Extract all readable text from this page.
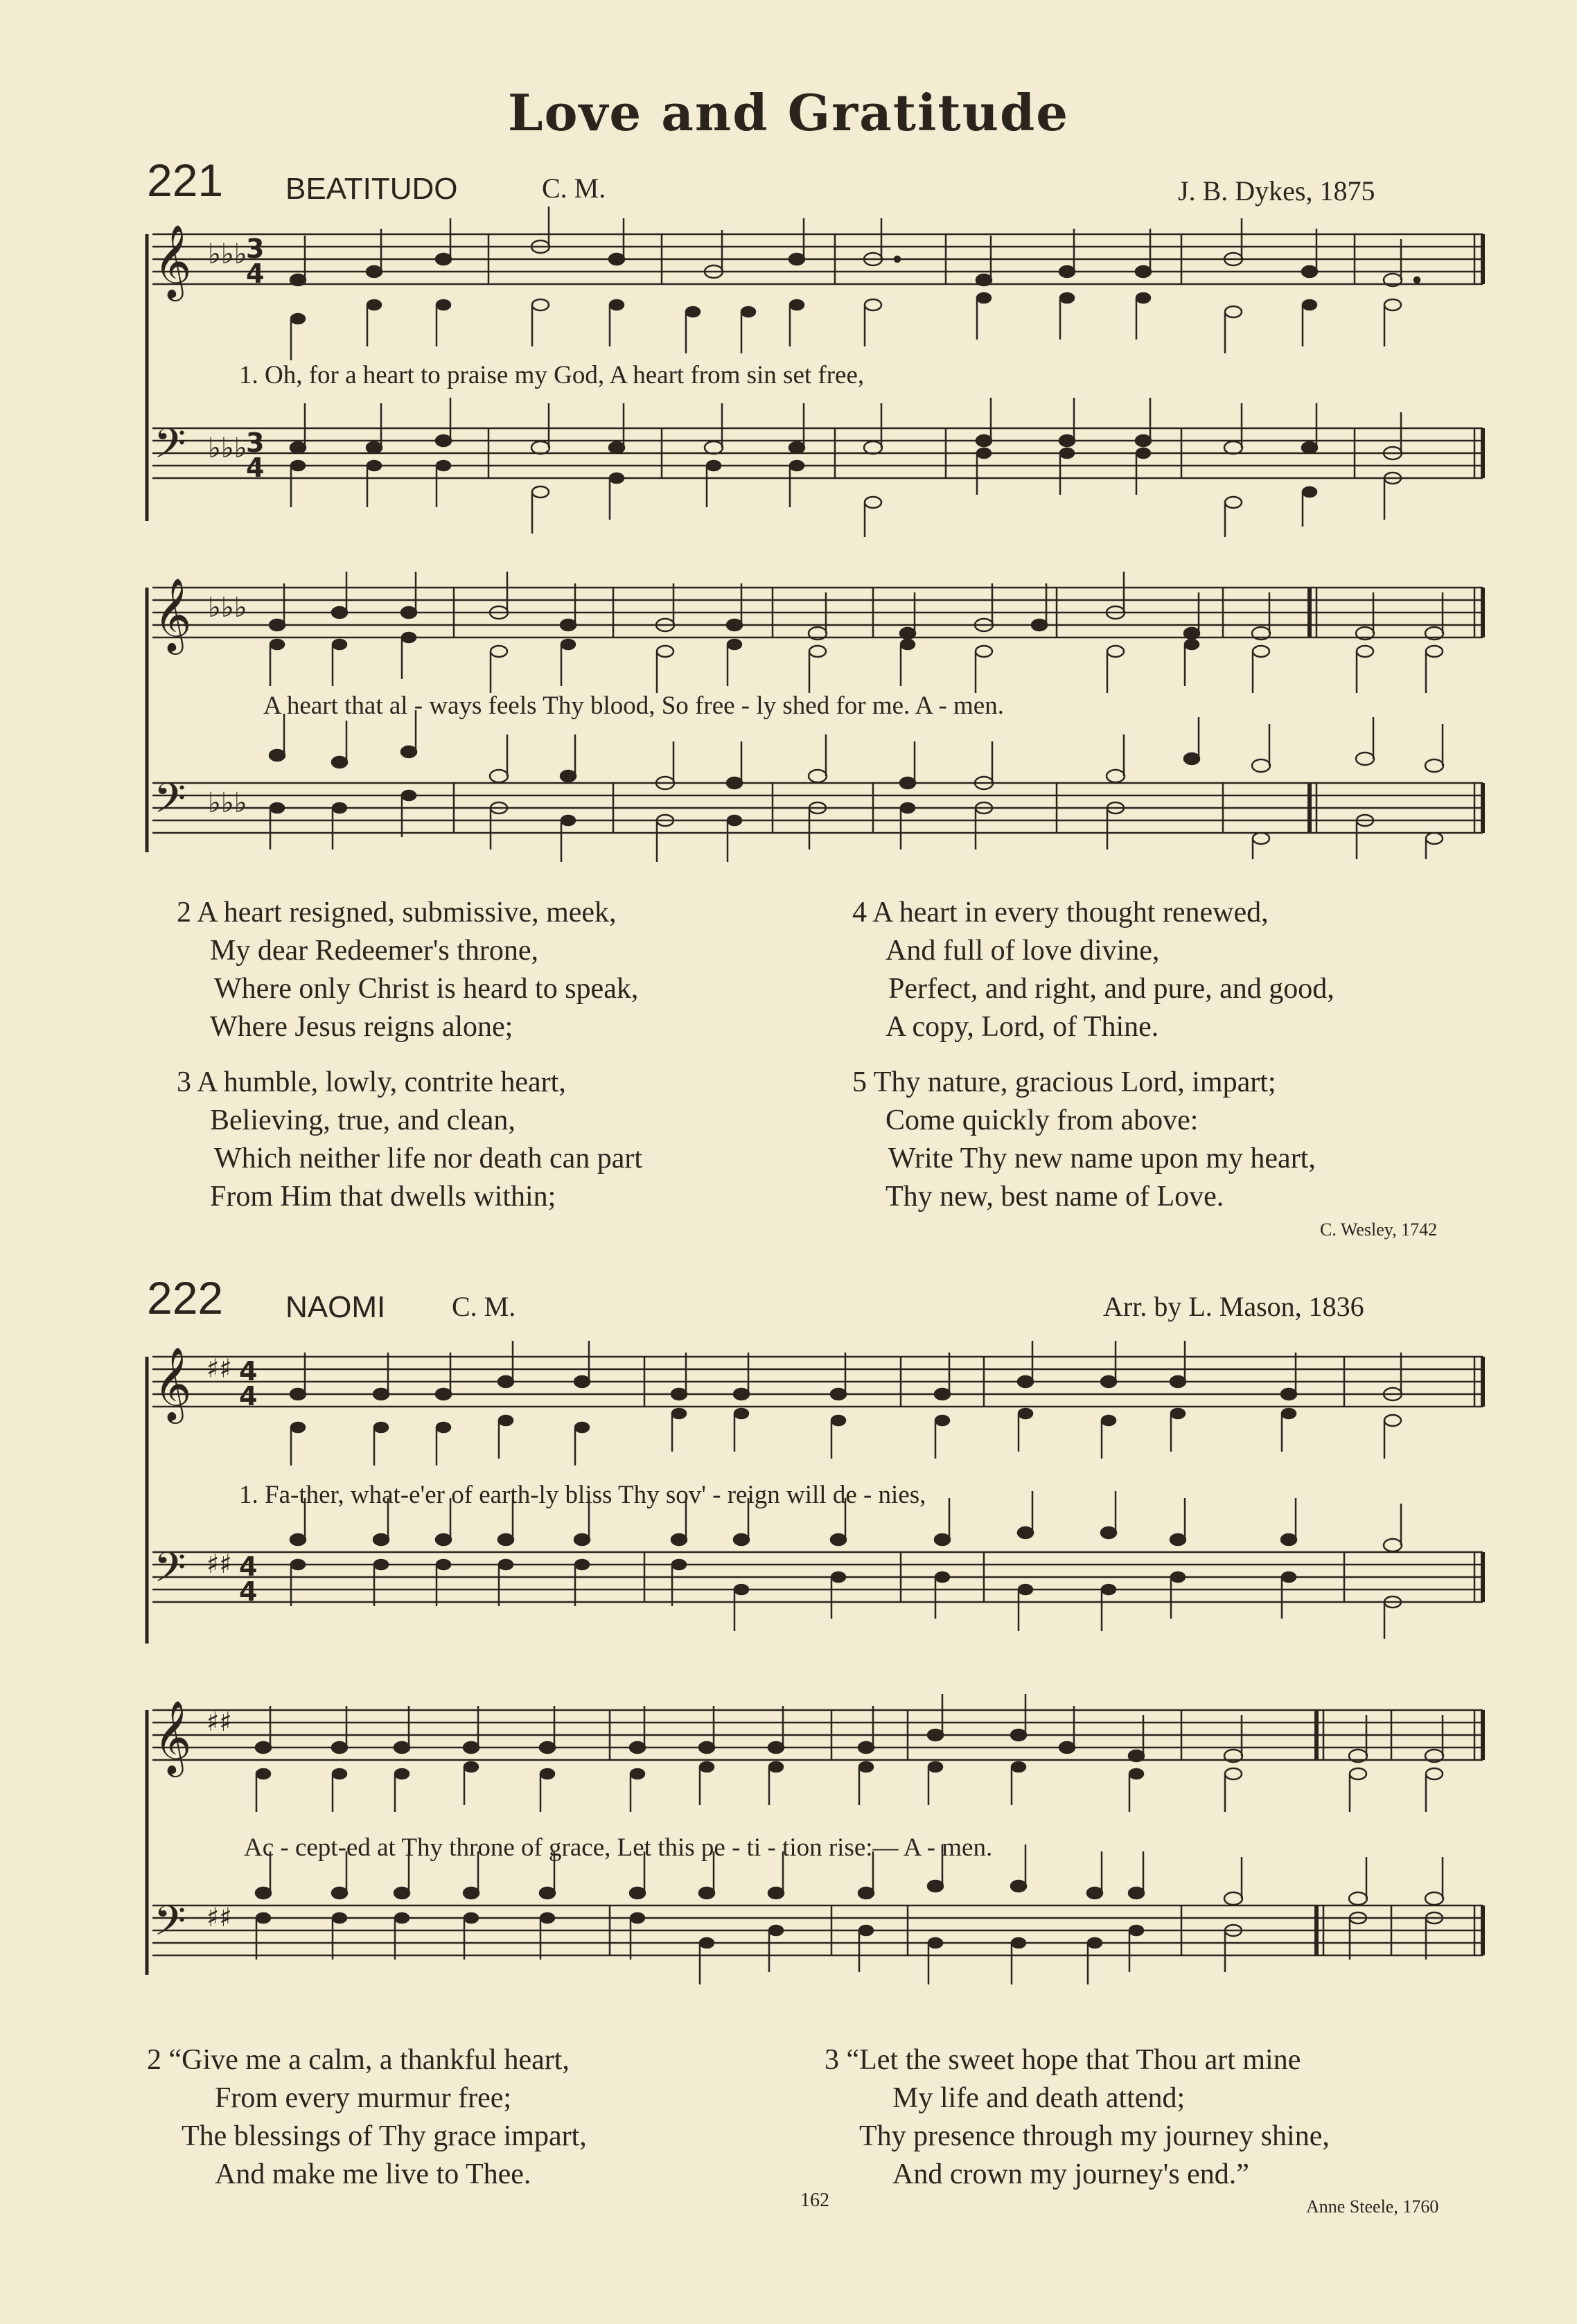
Love and Gratitude
221 BEATITUDO	C. M.	J. B. Dykes, 1875
𝄞
𝄢
♭♭♭
3
4
♭♭♭
3
4
1. Oh, for a heart to praise my God, A heart from sin set free,
𝄞
𝄢
♭♭♭
♭♭♭
A heart that al - ways feels Thy blood, So free - ly shed for me. A - men.
2 A heart resigned, submissive, meek,
My dear Redeemer's throne,
Where only Christ is heard to speak,
Where Jesus reigns alone;
3 A humble, lowly, contrite heart,
Believing, true, and clean,
Which neither life nor death can part
From Him that dwells within;
4 A heart in every thought renewed,
And full of love divine,
Perfect, and right, and pure, and good,
A copy, Lord, of Thine.
5 Thy nature, gracious Lord, impart;
Come quickly from above:
Write Thy new name upon my heart,
Thy new, best name of Love.
C. Wesley, 1742
222 NAOMI C. M.	Arr. by L. Mason, 1836
𝄞
𝄢
♯♯ 4
4
♯♯ 4
4
1. Fa-ther, what-e'er of earth-ly bliss Thy sov' - reign will de - nies,
𝄞
𝄢
♯♯
♯♯
Ac - cept-ed at Thy throne of grace, Let this pe - ti - tion rise:— A - men.
2 “Give me a calm, a thankful heart,
From every murmur free;
The blessings of Thy grace impart,
And make me live to Thee.
3 “Let the sweet hope that Thou art mine
My life and death attend;
Thy presence through my journey shine,
And crown my journey's end.”
162	Anne Steele, 1760
